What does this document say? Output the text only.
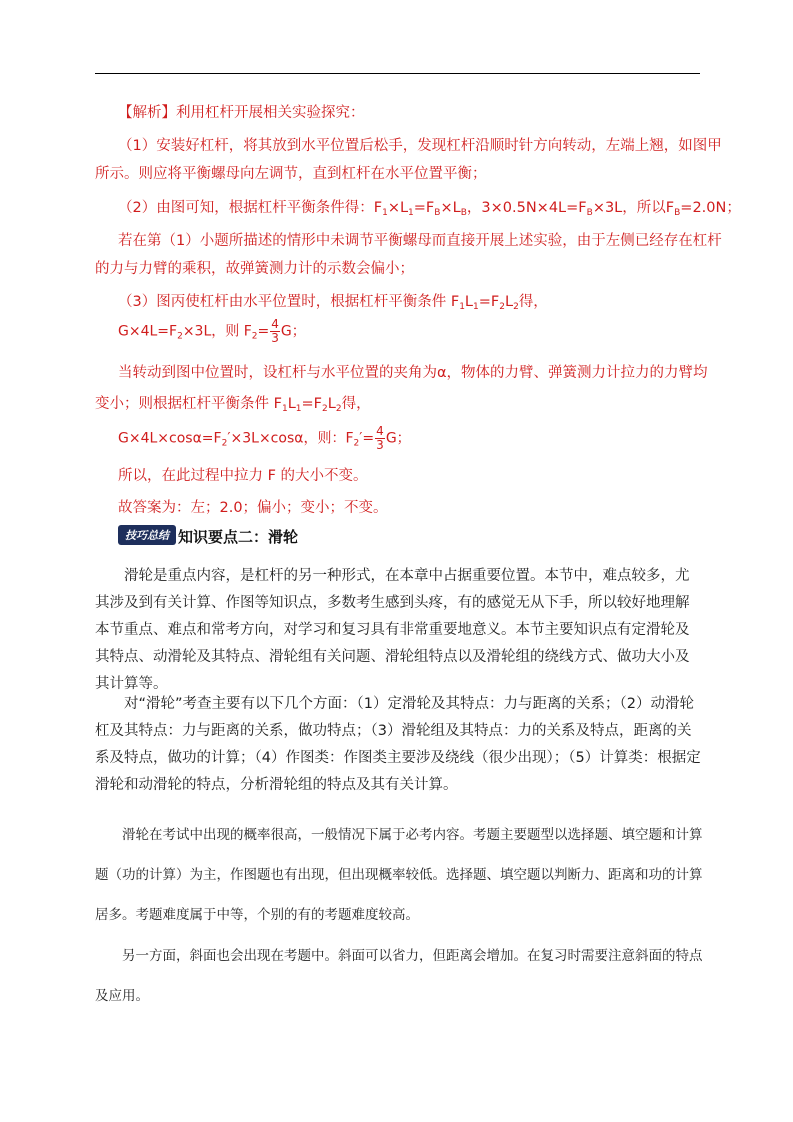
【解析】利用杠杆开展相关实验探究：
（1）安装好杠杆，将其放到水平位置后松手，发现杠杆沿顺时针方向转动，左端上翘，如图甲
所示。则应将平衡螺母向左调节，直到杠杆在水平位置平衡；
（2）由图可知，根据杠杆平衡条件得：$F_1\times L_1=F_B\times L_B$，$3\times 0.5N\times 4L=F_B\times 3L$，所以$F_B=2.0N$；
若在第（1）小题所描述的情形中未调节平衡螺母而直接开展上述实验，由于左侧已经存在杠杆
的力与力臂的乘积，故弹簧测力计的示数会偏小；
（3）图丙使杠杆由水平位置时，根据杠杆平衡条件 $F_1L_1=F_2L_2$得，
$G\times 4L=F_2\times 3L$，则 $F_2= \frac{4}{3}$ G；
当转动到图中位置时，设杠杆与水平位置的夹角为α，物体的力臂、弹簧测力计拉力的力臂均
变小；则根据杠杆平衡条件 $F_1L_1=F_2L_2$得，
$G\times 4L\times\cos\alpha=F_2'\times 3L\times\cos\alpha$，则：$F_2'= \frac{4}{3}$ G；
所以，在此过程中拉力 F 的大小不变。
故答案为：左；2.0；偏小；变小；不变。
技巧总结 知识要点二：滑轮
滑轮是重点内容，是杠杆的另一种形式，在本章中占据重要位置。本节中，难点较多，尤其涉及到有关计算、作图等知识点，多数考生感到头疼，有的感觉无从下手，所以较好地理解本节重点、难点和常考方向，对学习和复习具有非常重要地意义。本节主要知识点有定滑轮及其特点、动滑轮及其特点、滑轮组有关问题、滑轮组特点以及滑轮组的绕线方式、做功大小及其计算等。
对“滑轮”考查主要有以下几个方面：（1）定滑轮及其特点：力与距离的关系；（2）动滑轮杠及其特点：力与距离的关系，做功特点；（3）滑轮组及其特点：力的关系及特点，距离的关系及特点，做功的计算；（4）作图类：作图类主要涉及绕线（很少出现）；（5）计算类：根据定滑轮和动滑轮的特点，分析滑轮组的特点及其有关计算。
滑轮在考试中出现的概率很高，一般情况下属于必考内容。考题主要题型以选择题、填空题和计算题（功的计算）为主，作图题也有出现，但出现概率较低。选择题、填空题以判断力、距离和功的计算居多。考题难度属于中等，个别的有的考题难度较高。
另一方面，斜面也会出现在考题中。斜面可以省力，但距离会增加。在复习时需要注意斜面的特点及应用。
